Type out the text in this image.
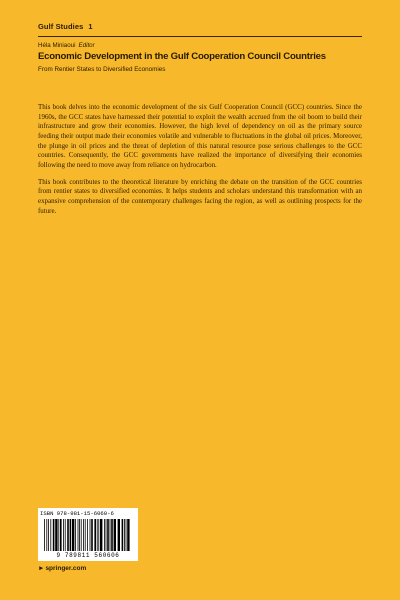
Gulf Studies 1
Héla Miniaoui Editor
Economic Development in the Gulf Cooperation Council Countries
From Rentier States to Diversified Economies

This book delves into the economic development of the six Gulf Cooperation Council (GCC) countries. Since the 1960s, the GCC states have harnessed their potential to exploit the wealth accrued from the oil boom to build their infrastructure and grow their economies. However, the high level of dependency on oil as the primary source feeding their output made their economies volatile and vulnerable to fluctuations in the global oil prices. Moreover, the plunge in oil prices and the threat of depletion of this natural resource pose serious challenges to the GCC countries. Consequently, the GCC governments have realized the importance of diversifying their economies following the need to move away from reliance on hydrocarbon.

This book contributes to the theoretical literature by enriching the debate on the transition of the GCC countries from rentier states to diversified economies. It helps students and scholars understand this transformation with an expansive comprehension of the contemporary challenges facing the region, as well as outlining prospects for the future.

ISBN 978-981-15-6060-6
9 789811 560606
►springer.com
